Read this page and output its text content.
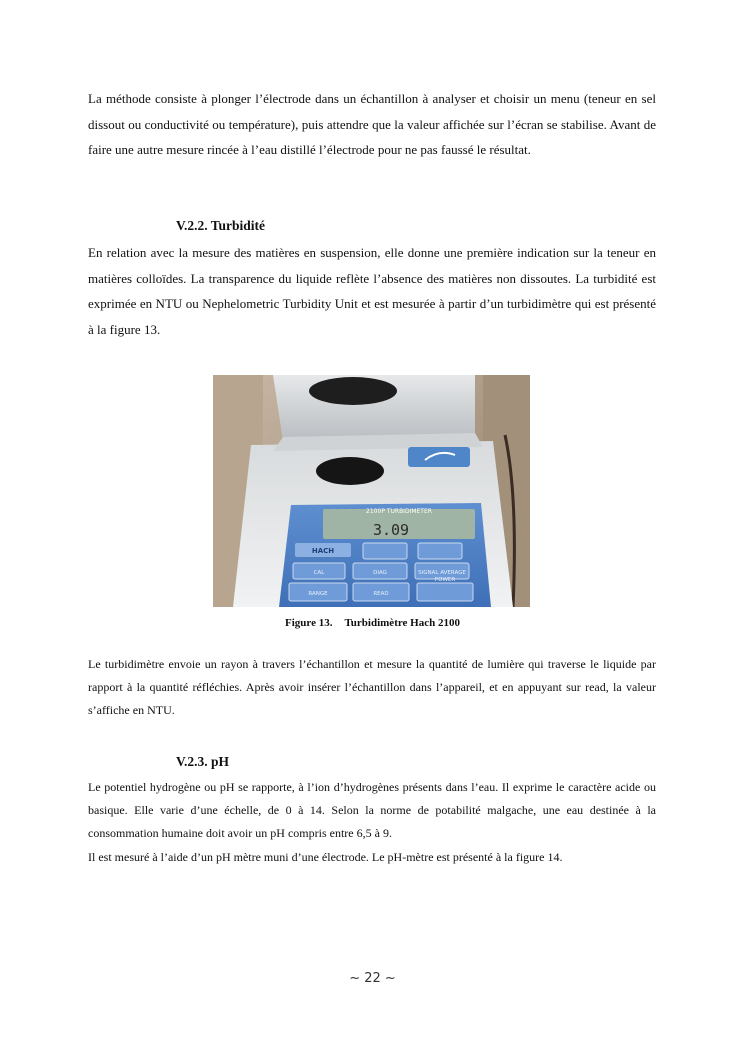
La méthode consiste à plonger l’électrode dans un échantillon à analyser et choisir un menu (teneur en sel dissout ou conductivité ou température), puis attendre que la valeur affichée sur l’écran se stabilise. Avant de faire une autre mesure rincée à l’eau distillé l’électrode pour ne pas faussé le résultat.

V.2.2. Turbidité

En relation avec la mesure des matières en suspension, elle donne une première indication sur la teneur en matières colloïdes. La transparence du liquide reflète l’absence des matières non dissoutes. La turbidité est exprimée en NTU ou Nephelometric Turbidity Unit et est mesurée à partir d’un turbidimètre qui est présenté à la figure 13.

2100P TURBIDIMETER
3.09
HACH
CAL	DIAG	SIGNAL AVERAGE
RANGE	READ
POWER
Figure 13. Turbidimètre Hach 2100

Le turbidimètre envoie un rayon à travers l’échantillon et mesure la quantité de lumière qui traverse le liquide par rapport à la quantité réfléchies. Après avoir insérer l’échantillon dans l’appareil, et en appuyant sur read, la valeur s’affiche en NTU.

V.2.3. pH

Le potentiel hydrogène ou pH se rapporte, à l’ion d’hydrogènes présents dans l’eau. Il exprime le caractère acide ou basique. Elle varie d’une échelle, de 0 à 14. Selon la norme de potabilité malgache, une eau destinée à la consommation humaine doit avoir un pH compris entre 6,5 à 9.

Il est mesuré à l’aide d’un pH mètre muni d’une électrode. Le pH-mètre est présenté à la figure 14.

~ 22 ~
